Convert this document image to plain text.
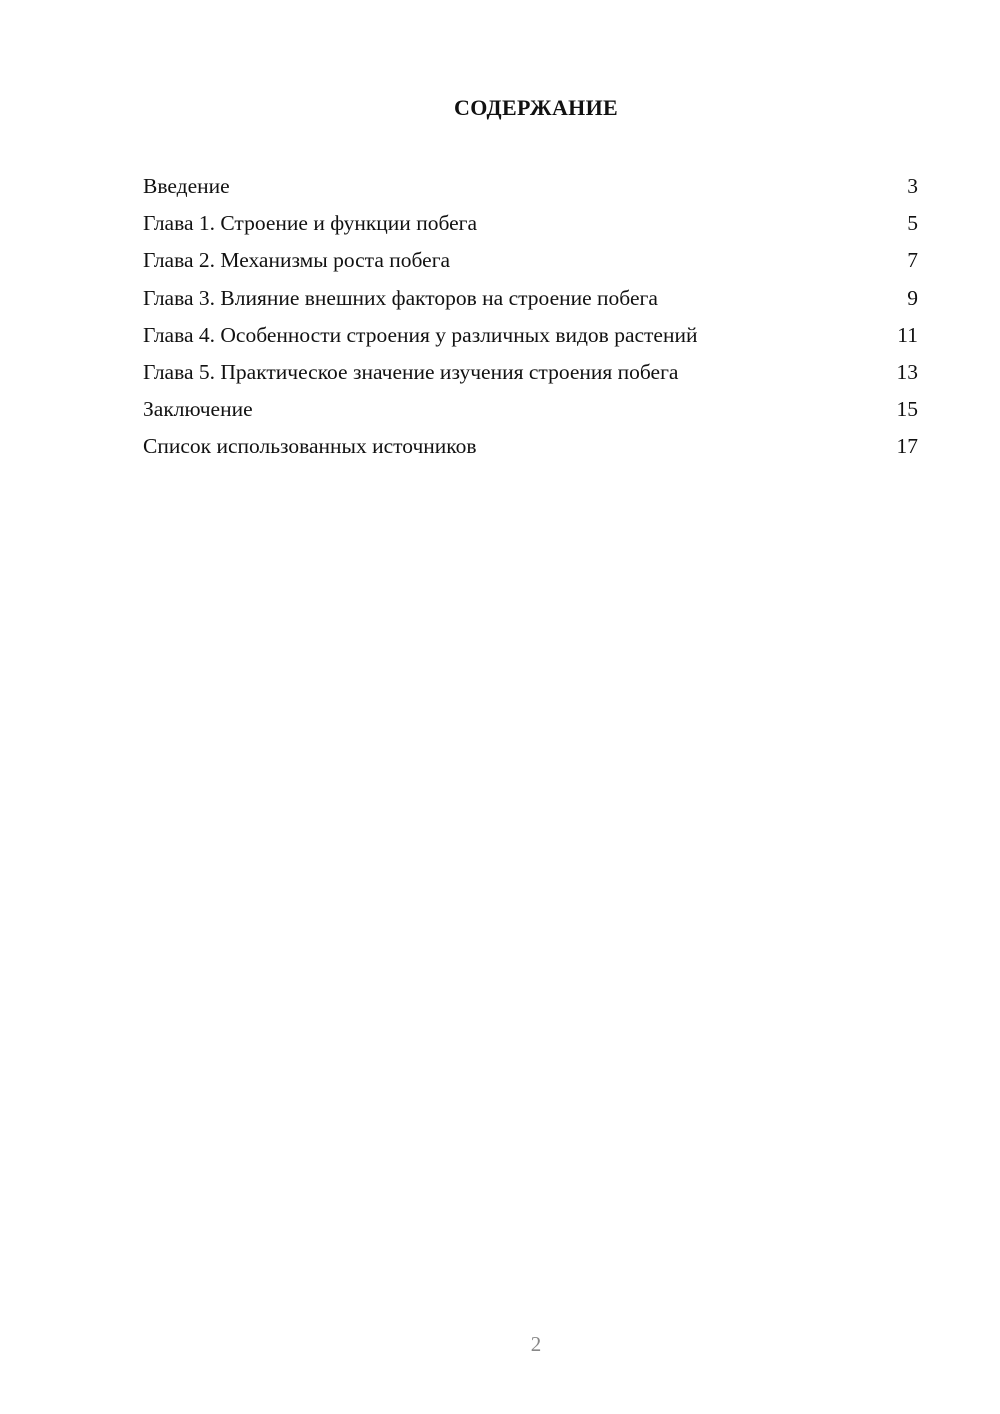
СОДЕРЖАНИЕ
Введение	3
Глава 1. Строение и функции побега	5
Глава 2. Механизмы роста побега	7
Глава 3. Влияние внешних факторов на строение побега	9
Глава 4. Особенности строения у различных видов растений	11
Глава 5. Практическое значение изучения строения побега	13
Заключение	15
Список использованных источников	17
2
